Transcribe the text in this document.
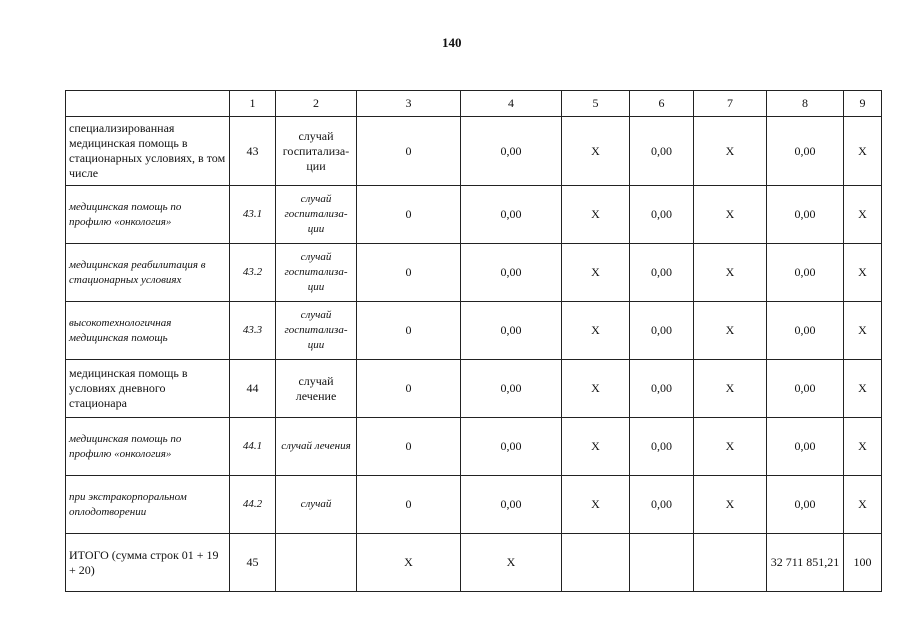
140
	1	2	3	4	5	6	7	8	9
специализированная медицинская помощь в стационарных условиях, в том числе	43	случай госпитализа-ции	0	0,00	Х	0,00	Х	0,00	Х
медицинская помощь по профилю «онкология»	43.1	случай госпитализа-ции	0	0,00	Х	0,00	Х	0,00	Х
медицинская реабилитация в стационарных условиях	43.2	случай госпитализа-ции	0	0,00	Х	0,00	Х	0,00	Х
высокотехнологичная медицинская помощь	43.3	случай госпитализа-ции	0	0,00	Х	0,00	Х	0,00	Х
медицинская помощь в условиях дневного стационара	44	случай лечение	0	0,00	Х	0,00	Х	0,00	Х
медицинская помощь по профилю «онкология»	44.1	случай лечения	0	0,00	Х	0,00	Х	0,00	Х
при экстракорпоральном оплодотворении	44.2	случай	0	0,00	Х	0,00	Х	0,00	Х
ИТОГО (сумма строк 01 + 19 + 20)	45		Х	Х				32 711 851,21	100
